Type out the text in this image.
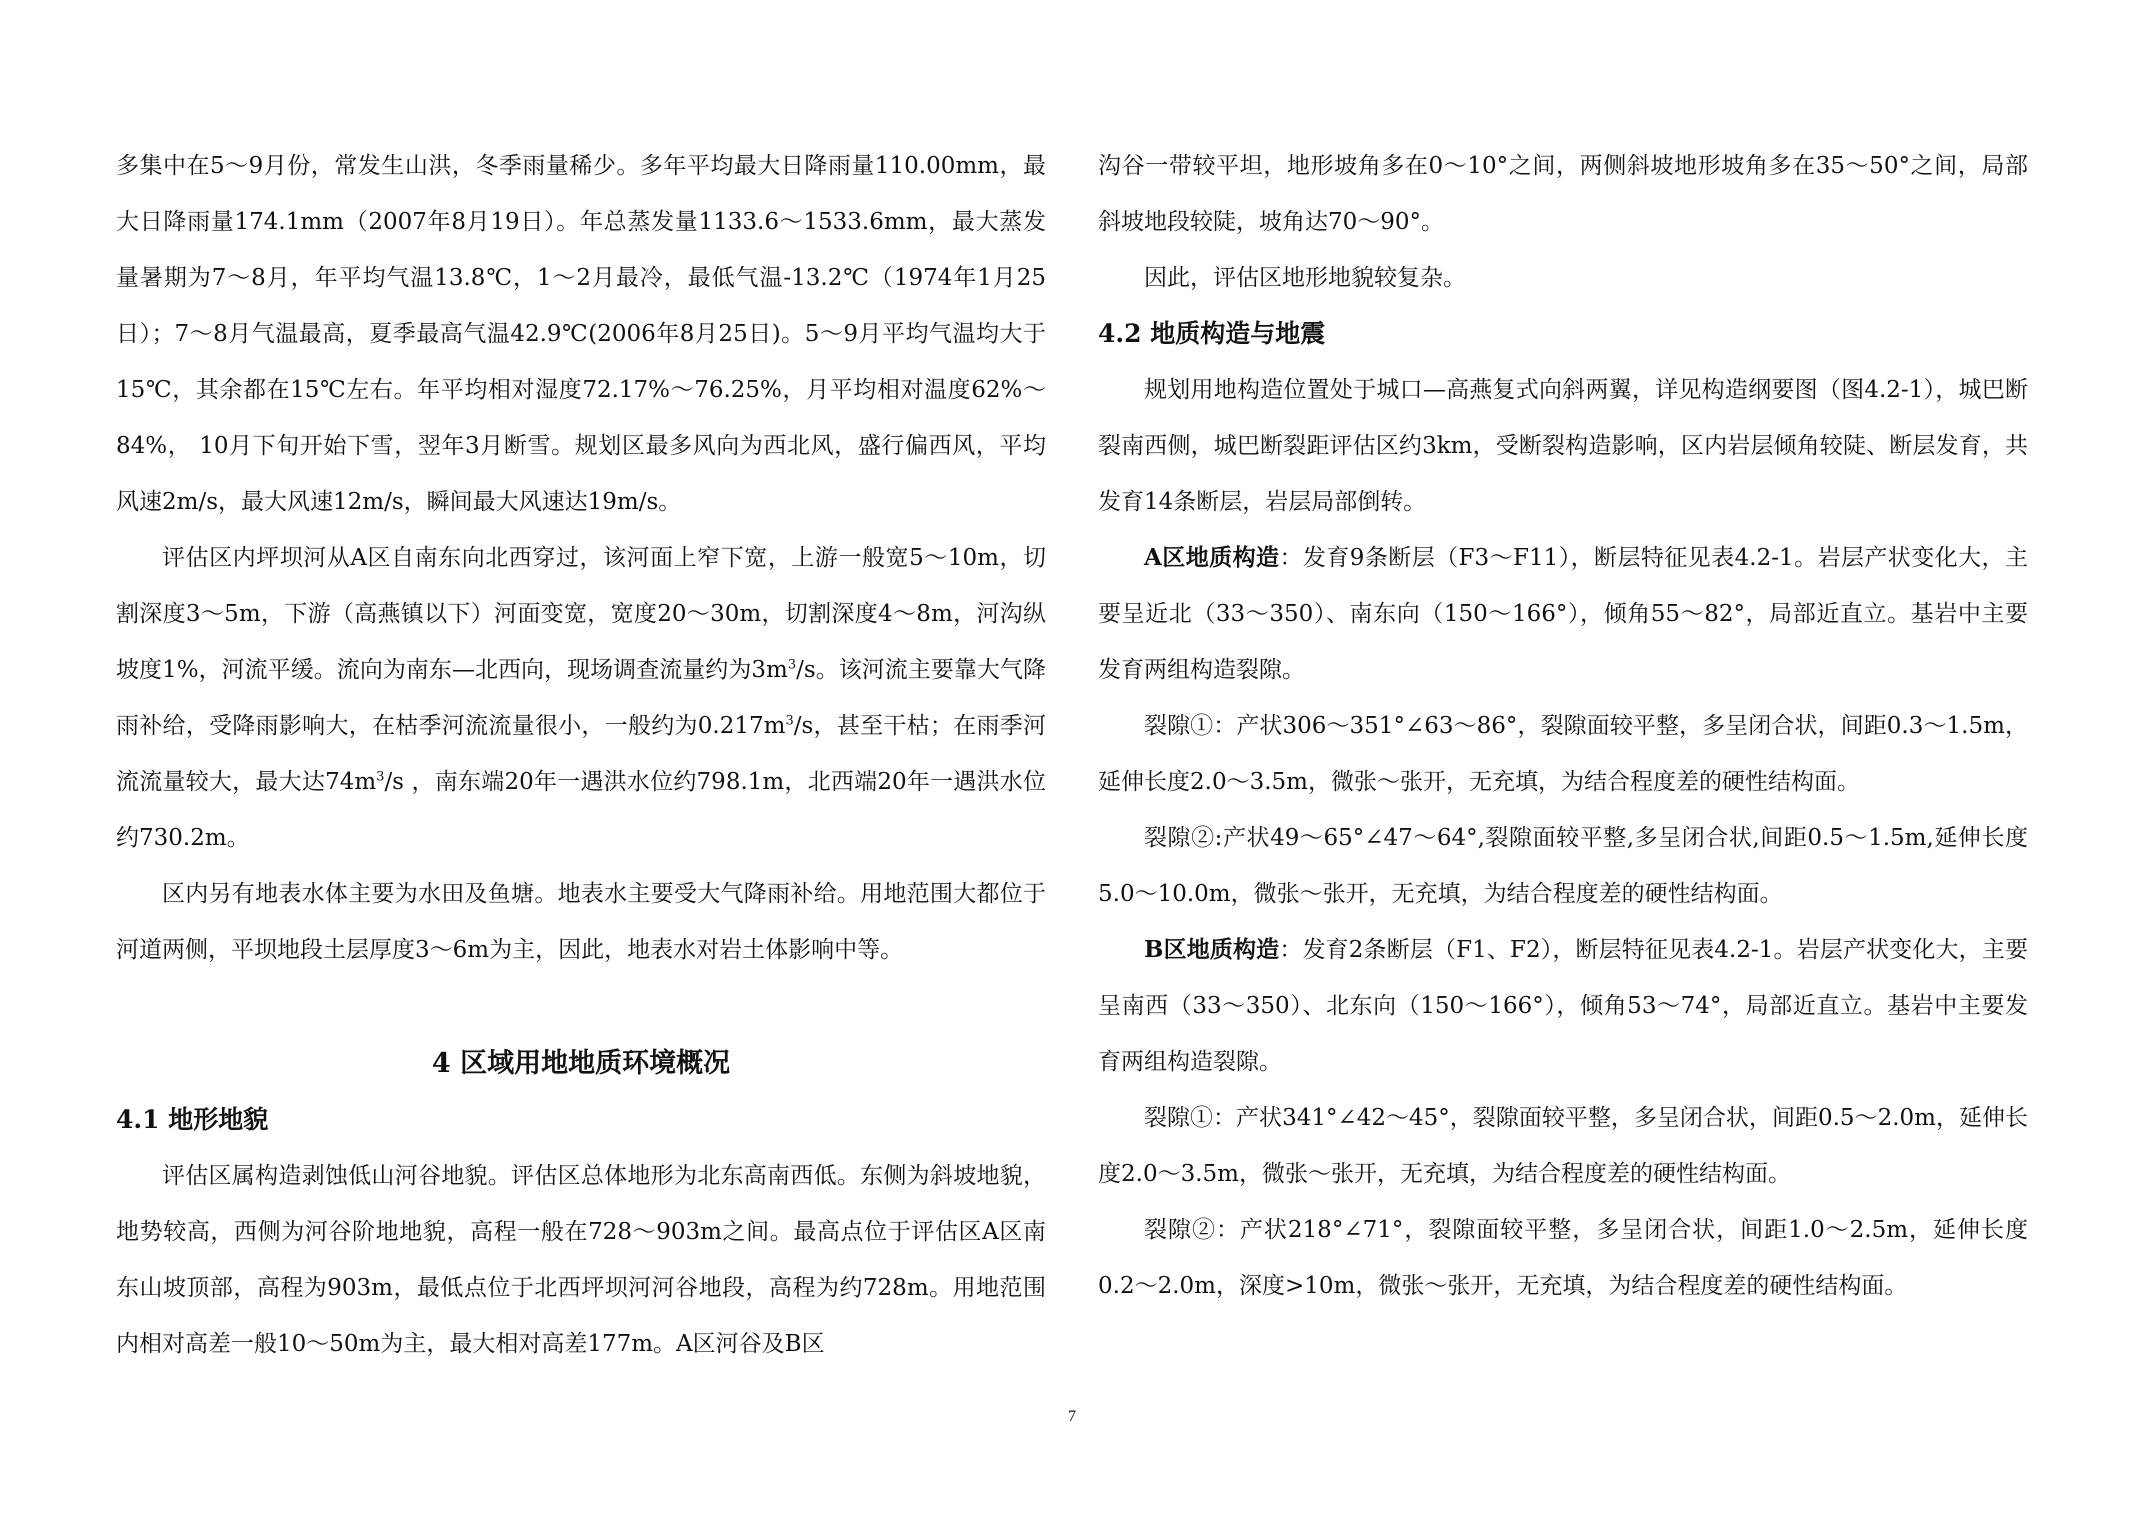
多集中在5～9月份，常发生山洪，冬季雨量稀少。多年平均最大日降雨量110.00mm，最大日降雨量174.1mm（2007年8月19日）。年总蒸发量1133.6～1533.6mm，最大蒸发量暑期为7～8月，年平均气温13.8℃，1～2月最冷，最低气温-13.2℃（1974年1月25日）；7～8月气温最高，夏季最高气温42.9℃(2006年8月25日)。5～9月平均气温均大于15℃，其余都在15℃左右。年平均相对湿度72.17%～76.25%，月平均相对温度62%～84%， 10月下旬开始下雪，翌年3月断雪。规划区最多风向为西北风，盛行偏西风，平均风速2m/s，最大风速12m/s，瞬间最大风速达19m/s。

评估区内坪坝河从A区自南东向北西穿过，该河面上窄下宽，上游一般宽5～10m，切割深度3～5m，下游（高燕镇以下）河面变宽，宽度20～30m，切割深度4～8m，河沟纵坡度1%，河流平缓。流向为南东—北西向，现场调查流量约为$3m^3/s$。该河流主要靠大气降雨补给，受降雨影响大，在枯季河流流量很小，一般约为$0.217m^3/s$，甚至干枯；在雨季河流流量较大，最大达$74m^3/s$ ，南东端20年一遇洪水位约798.1m，北西端20年一遇洪水位约730.2m。

区内另有地表水体主要为水田及鱼塘。地表水主要受大气降雨补给。用地范围大都位于河道两侧，平坝地段土层厚度3～6m为主，因此，地表水对岩土体影响中等。

4 区域用地地质环境概况
4.1 地形地貌

评估区属构造剥蚀低山河谷地貌。评估区总体地形为北东高南西低。东侧为斜坡地貌，地势较高，西侧为河谷阶地地貌，高程一般在728～903m之间。最高点位于评估区A区南东山坡顶部，高程为903m，最低点位于北西坪坝河河谷地段，高程为约728m。用地范围内相对高差一般10～50m为主，最大相对高差177m。A区河谷及B区

沟谷一带较平坦，地形坡角多在0～10°之间，两侧斜坡地形坡角多在35～50°之间，局部斜坡地段较陡，坡角达70～90°。

因此，评估区地形地貌较复杂。

4.2 地质构造与地震

规划用地构造位置处于城口—高燕复式向斜两翼，详见构造纲要图（图4.2-1），城巴断裂南西侧，城巴断裂距评估区约3km，受断裂构造影响，区内岩层倾角较陡、断层发育，共发育14条断层，岩层局部倒转。

A区地质构造：发育9条断层（F3～F11），断层特征见表4.2-1。岩层产状变化大，主要呈近北（33～350）、南东向（150～166°），倾角55～82°，局部近直立。基岩中主要发育两组构造裂隙。

裂隙①：产状306～351°∠63～86°，裂隙面较平整，多呈闭合状，间距0.3～1.5m，延伸长度2.0～3.5m，微张～张开，无充填，为结合程度差的硬性结构面。

裂隙②:产状49～65°∠47～64°,裂隙面较平整,多呈闭合状,间距0.5～1.5m,延伸长度5.0～10.0m，微张～张开，无充填，为结合程度差的硬性结构面。

B区地质构造：发育2条断层（F1、F2），断层特征见表4.2-1。岩层产状变化大，主要呈南西（33～350）、北东向（150～166°），倾角53～74°，局部近直立。基岩中主要发育两组构造裂隙。

裂隙①：产状341°∠42～45°，裂隙面较平整，多呈闭合状，间距0.5～2.0m，延伸长度2.0～3.5m，微张～张开，无充填，为结合程度差的硬性结构面。

裂隙②：产状218°∠71°，裂隙面较平整，多呈闭合状，间距1.0～2.5m，延伸长度0.2～2.0m，深度>10m，微张～张开，无充填，为结合程度差的硬性结构面。

7
